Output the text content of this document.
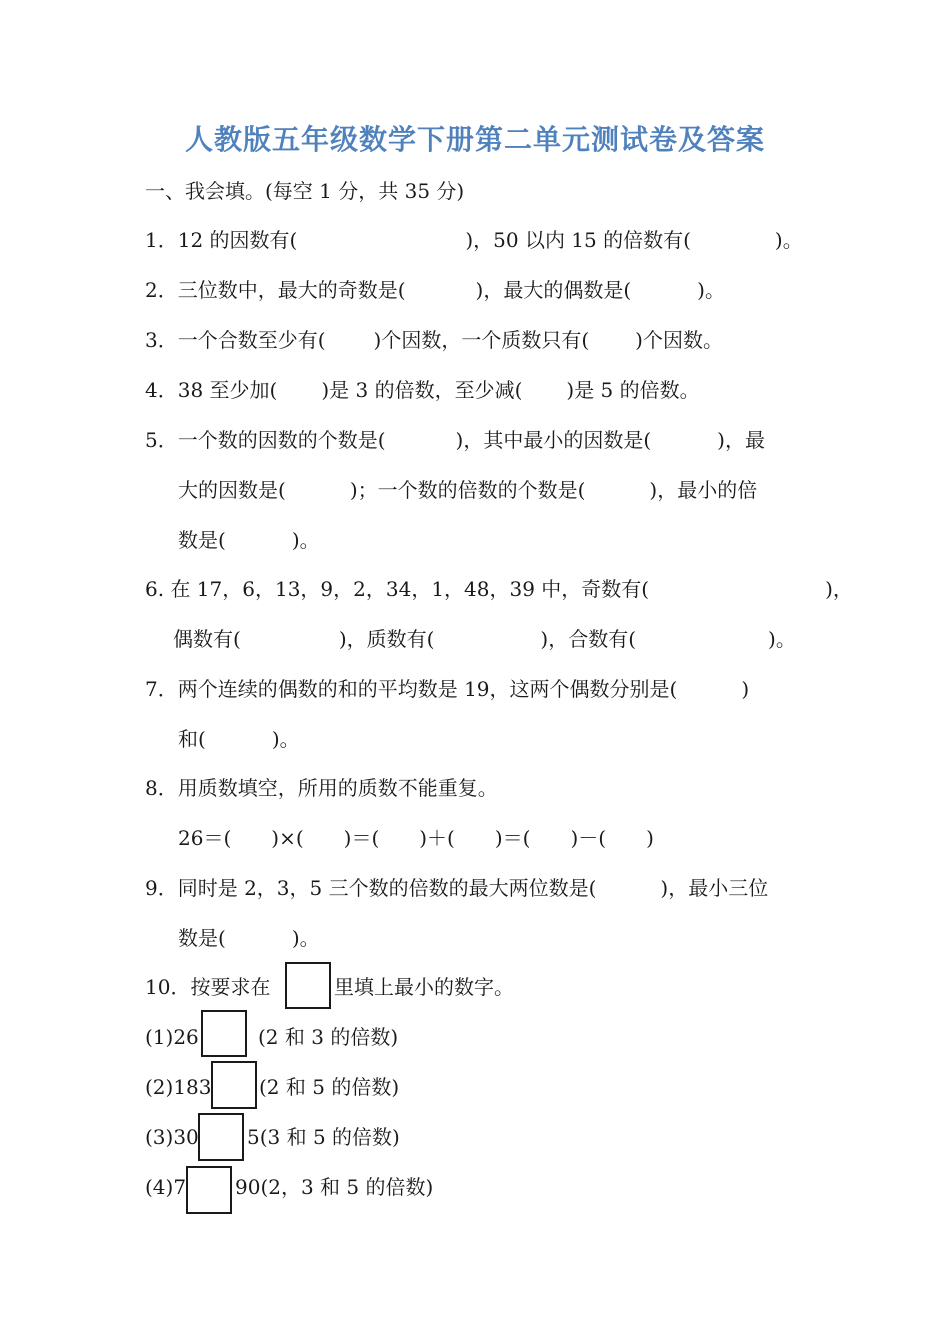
人教版五年级数学下册第二单元测试卷及答案
一、我会填。(每空 1 分，共 35 分)
1．12 的因数有(	)，50 以内 15 的倍数有(	)。
2．三位数中，最大的奇数是(	)，最大的偶数是(	)。
3．一个合数至少有( )个因数，一个质数只有( )个因数。
4．38 至少加( )是 3 的倍数，至少减( )是 5 的倍数。
5．一个数的因数的个数是(	)，其中最小的因数是(	)，最
大的因数是(	)；一个数的倍数的个数是(	)，最小的倍
数是(	)。
6. 在 17，6，13，9，2，34，1，48，39 中，奇数有(	)，
偶数有(	)，质数有(	)，合数有(	)。
7．两个连续的偶数的和的平均数是 19，这两个偶数分别是(	)
和(	)。
8．用质数填空，所用的质数不能重复。
26＝( )×( )＝( )＋( )＝( )－( )
9．同时是 2，3，5 三个数的倍数的最大两位数是(	)，最小三位
数是(	)。
10．按要求在	里填上最小的数字。
(1)26	(2 和 3 的倍数)
(2)183 (2 和 5 的倍数)
(3)30 5(3 和 5 的倍数)
(4)7 90(2，3 和 5 的倍数)
